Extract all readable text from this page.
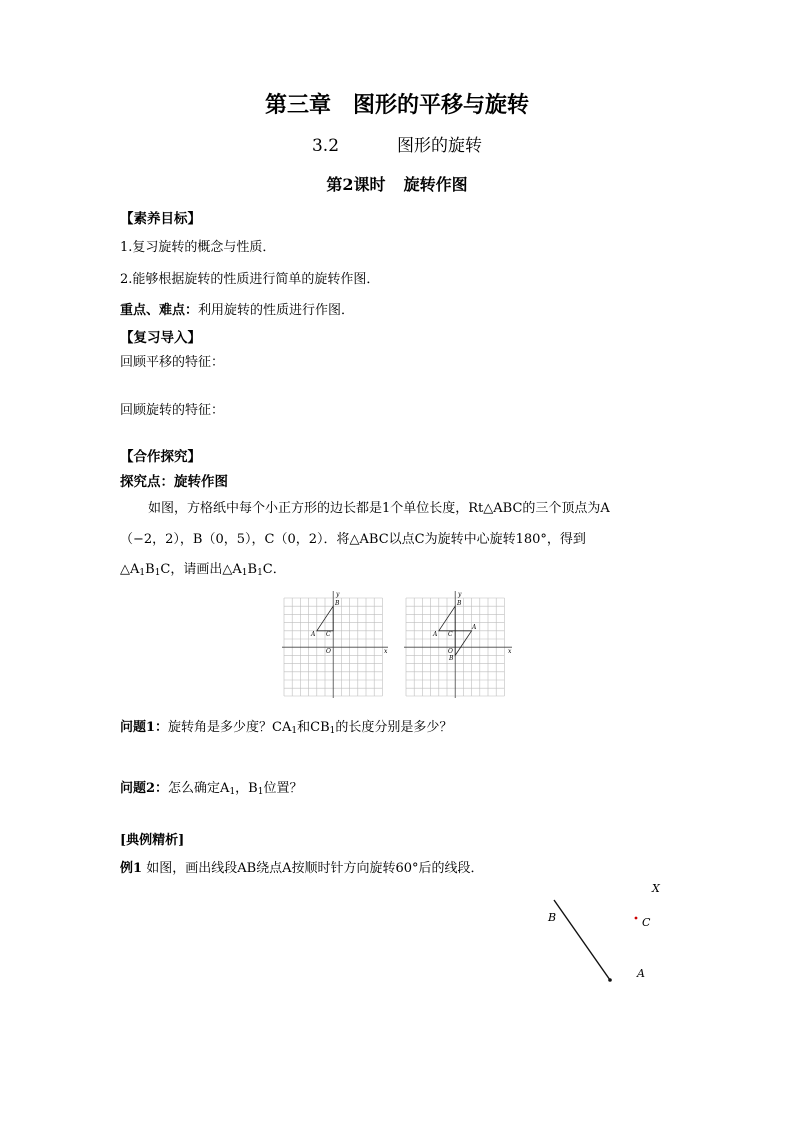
第三章　图形的平移与旋转
3.2	图形的旋转
第2课时 旋转作图
【素养目标】
1.复习旋转的概念与性质．
2.能够根据旋转的性质进行简单的旋转作图．
重点、难点：利用旋转的性质进行作图．
【复习导入】
回顾平移的特征：
回顾旋转的特征：
【合作探究】
探究点：旋转作图
如图，方格纸中每个小正方形的边长都是1个单位长度，Rt△ABC的三个顶点为A
（−2，2），B（0，5），C（0，2）．将△ABC以点C为旋转中心旋转180°，得到
$\triangle A_1B_1C$，请画出$\triangle A_1B_1C$．
y
x
B
A C
O
y
x
B
A C
O
A
B
问题1：旋转角是多少度？$CA_1$和$CB_1$的长度分别是多少？
问题2：怎么确定$A_1$，$B_1$位置？
[典例精析]
例1 如图，画出线段AB绕点A按顺时针方向旋转60°后的线段．
X
B	C
A
